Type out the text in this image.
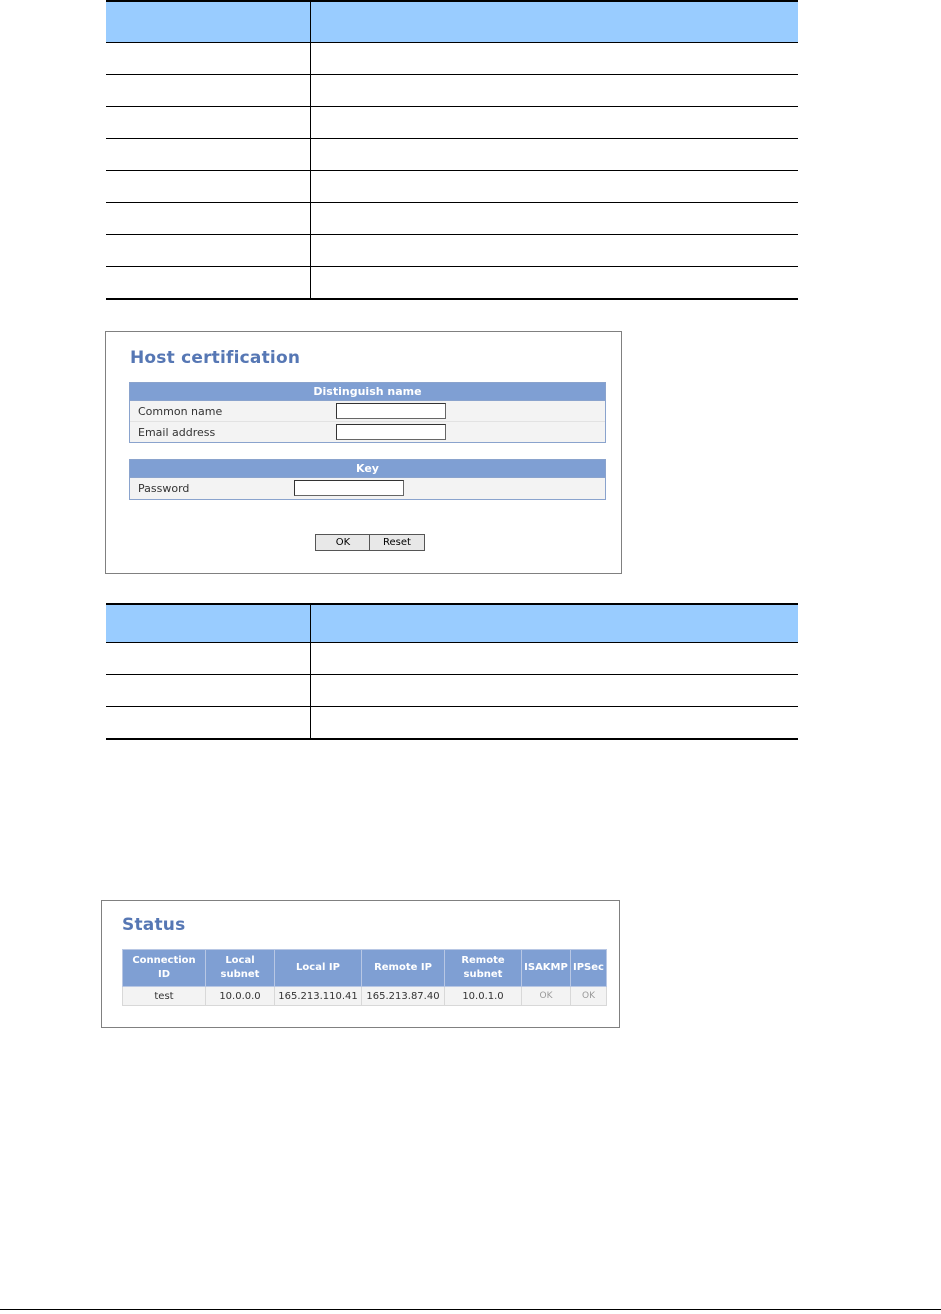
Host certification
Distinguish name
Common name
Email address
Key
Password
OK	Reset

Status
Connection ID	Local subnet	Local IP	Remote IP	Remote subnet	ISAKMP	IPSec
test	10.0.0.0	165.213.110.41	165.213.87.40	10.0.1.0	OK	OK
